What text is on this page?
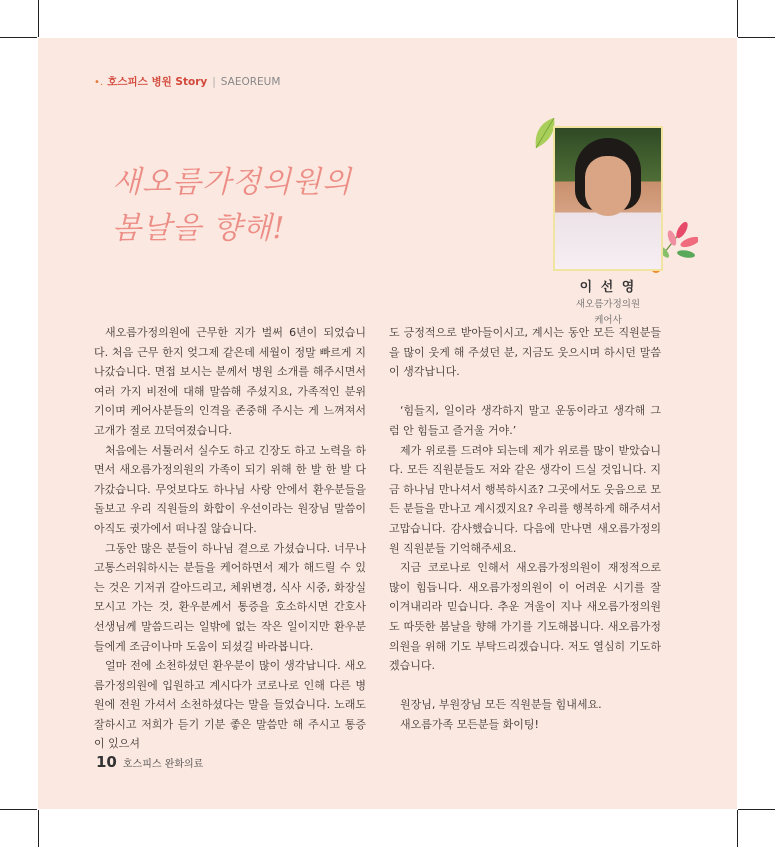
•․ 호스피스 병원 Story | SAEOREUM
새오름가정의원의
봄날을 향해!
이 선 영
새오름가정의원
케어사

새오름가정의원에 근무한 지가 벌써 6년이 되었습니다. 처음 근무 한지 엊그제 같은데 세월이 정말 빠르게 지나갔습니다. 면접 보시는 분께서 병원 소개를 해주시면서 여러 가지 비전에 대해 말씀해 주셨지요, 가족적인 분위기이며 케어사분들의 인격을 존중해 주시는 게 느껴져서 고개가 절로 끄덕여졌습니다.

처음에는 서툴러서 실수도 하고 긴장도 하고 노력을 하면서 새오름가정의원의 가족이 되기 위해 한 발 한 발 다가갔습니다. 무엇보다도 하나님 사랑 안에서 환우분들을 돌보고 우리 직원들의 화합이 우선이라는 원장님 말씀이 아직도 귓가에서 떠나질 않습니다.

그동안 많은 분들이 하나님 곁으로 가셨습니다. 너무나 고통스러워하시는 분들을 케어하면서 제가 해드릴 수 있는 것은 기저귀 갈아드리고, 체위변경, 식사 시중, 화장실 모시고 가는 것, 환우분께서 통증을 호소하시면 간호사 선생님께 말씀드리는 일밖에 없는 작은 일이지만 환우분들에게 조금이나마 도움이 되셨길 바라봅니다.

얼마 전에 소천하셨던 환우분이 많이 생각납니다. 새오름가정의원에 입원하고 계시다가 코로나로 인해 다른 병원에 전원 가셔서 소천하셨다는 말을 들었습니다. 노래도 잘하시고 저희가 듣기 기분 좋은 말씀만 해 주시고 통증이 있으셔

도 긍정적으로 받아들이시고, 계시는 동안 모든 직원분들을 많이 웃게 해 주셨던 분, 지금도 웃으시며 하시던 말씀이 생각납니다.

‘힘들지, 일이라 생각하지 말고 운동이라고 생각해 그럼 안 힘들고 즐거울 거야.’

제가 위로를 드려야 되는데 제가 위로를 많이 받았습니다. 모든 직원분들도 저와 같은 생각이 드실 것입니다. 지금 하나님 만나셔서 행복하시죠? 그곳에서도 웃음으로 모든 분들을 만나고 계시겠지요? 우리를 행복하게 해주셔서 고맙습니다. 감사했습니다. 다음에 만나면 새오름가정의원 직원분들 기억해주세요.

지금 코로나로 인해서 새오름가정의원이 재정적으로 많이 힘듭니다. 새오름가정의원이 이 어려운 시기를 잘 이겨내리라 믿습니다. 추운 겨울이 지나 새오름가정의원도 따뜻한 봄날을 향해 가기를 기도해봅니다. 새오름가정의원을 위해 기도 부탁드리겠습니다. 저도 열심히 기도하겠습니다.

원장님, 부원장님 모든 직원분들 힘내세요.

새오름가족 모든분들 화이팅!

10 호스피스 완화의료
